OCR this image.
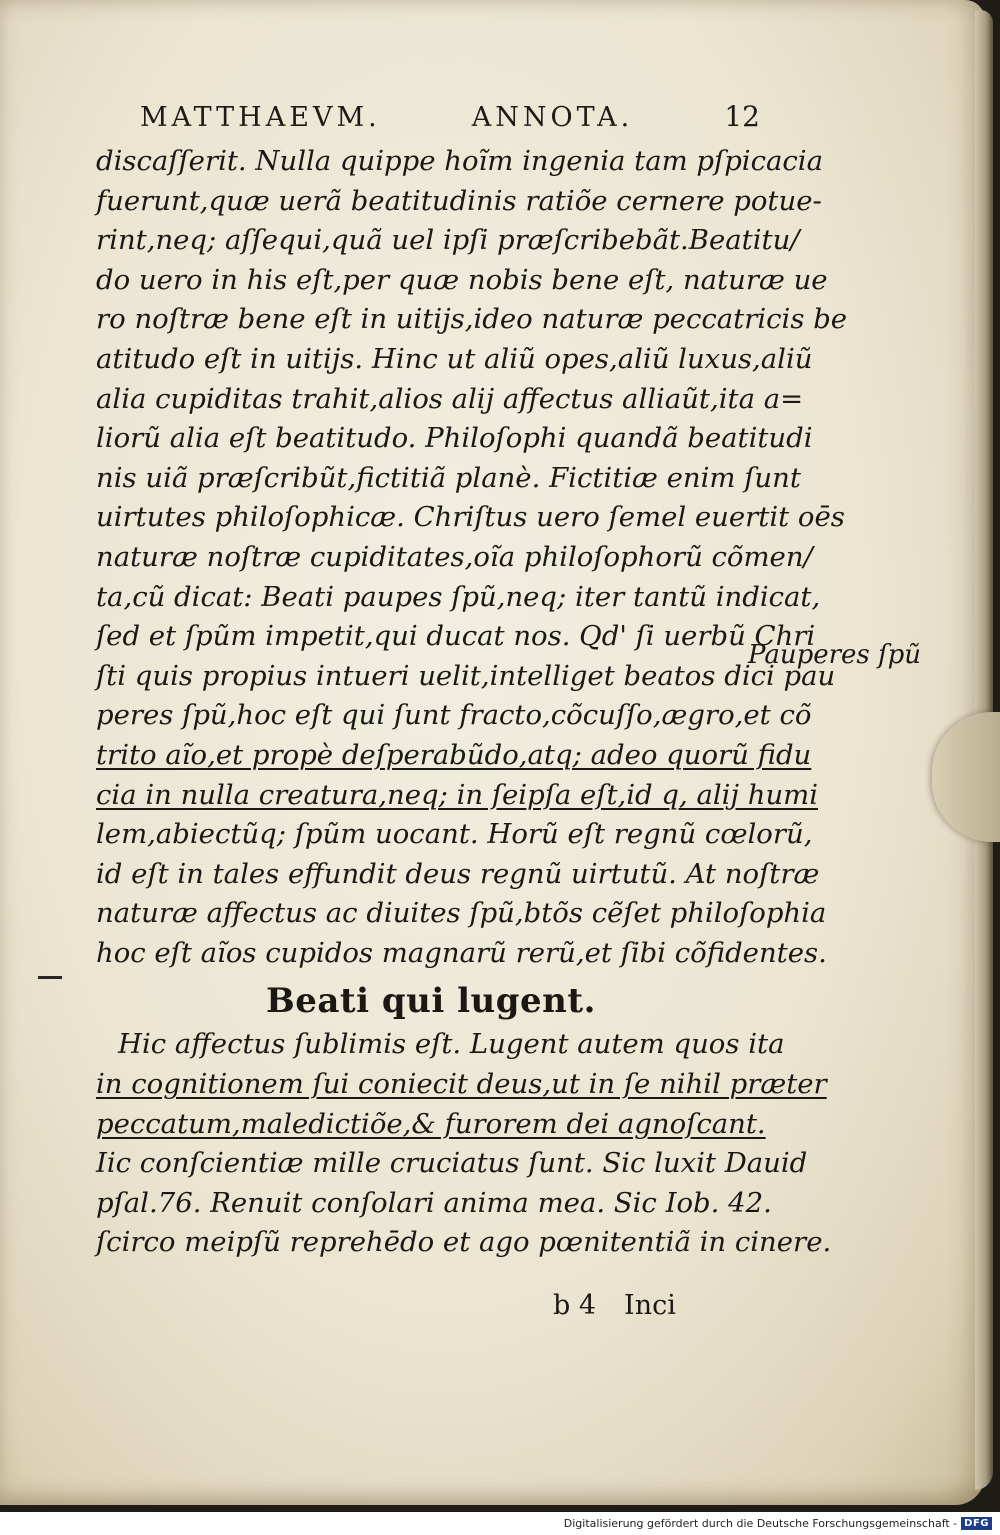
MATTHAEVM.	ANNOTA.	12
discaſſerit. Nulla quippe hoĩm ingenia tam pſpicacia
fuerunt,quæ uerã beatitudinis ratiõe cernere potue-
rint,neq; aſſequi,quã uel ipſi præſcribebãt.Beatitu/
do uero in his eſt,per quæ nobis bene eſt, naturæ ue
ro noſtræ bene eſt in uitijs,ideo naturæ peccatricis be
atitudo eſt in uitijs. Hinc ut aliũ opes,aliũ luxus,aliũ
alia cupiditas trahit,alios alij affectus alliaũt,ita a=
liorũ alia eſt beatitudo. Philoſophi quandã beatitudi
nis uiã præſcribũt,fictitiã planè. Fictitiæ enim ſunt
uirtutes philoſophicæ. Chriſtus uero ſemel euertit oēs
naturæ noſtræ cupiditates,oı̃a philoſophorũ cõmen/
ta,cũ dicat: Beati paupes ſpũ,neq; iter tantũ indicat,
ſed et ſpũm impetit,qui ducat nos. Qd' ſi uerbũ Chri
ſti quis propius intueri uelit,intelliget beatos dici pau
peres ſpũ,hoc eſt qui ſunt fracto,cõcuſſo,ægro,et cõ
trito aı̃o,et propè deſperabũdo,atq; adeo quorũ fidu
cia in nulla creatura,neq; in ſeipſa eſt,id q, alij humi
lem,abiectũq; ſpũm uocant. Horũ eſt regnũ cœlorũ,
id eſt in tales effundit deus regnũ uirtutũ. At noſtræ
naturæ affectus ac diuites ſpũ,btõs cẽſet philoſophia
hoc eſt aı̃os cupidos magnarũ rerũ,et ſibi cõfidentes.
Beati qui lugent.
Hic affectus ſublimis eſt. Lugent autem quos ita
in cognitionem ſui coniecit deus,ut in ſe nihil præter
peccatum,maledictiõe,& furorem dei agnoſcant.
Iic conſcientiæ mille cruciatus ſunt. Sic luxit Dauid
pſal.76. Renuit conſolari anima mea. Sic Iob. 42.
ſcirco meipſũ reprehēdo et ago pœnitentiã in cinere.
Pauperes ſpũ
b 4 Inci
Digitalisierung gefördert durch die Deutsche Forschungsgemeinschaft - DFG
